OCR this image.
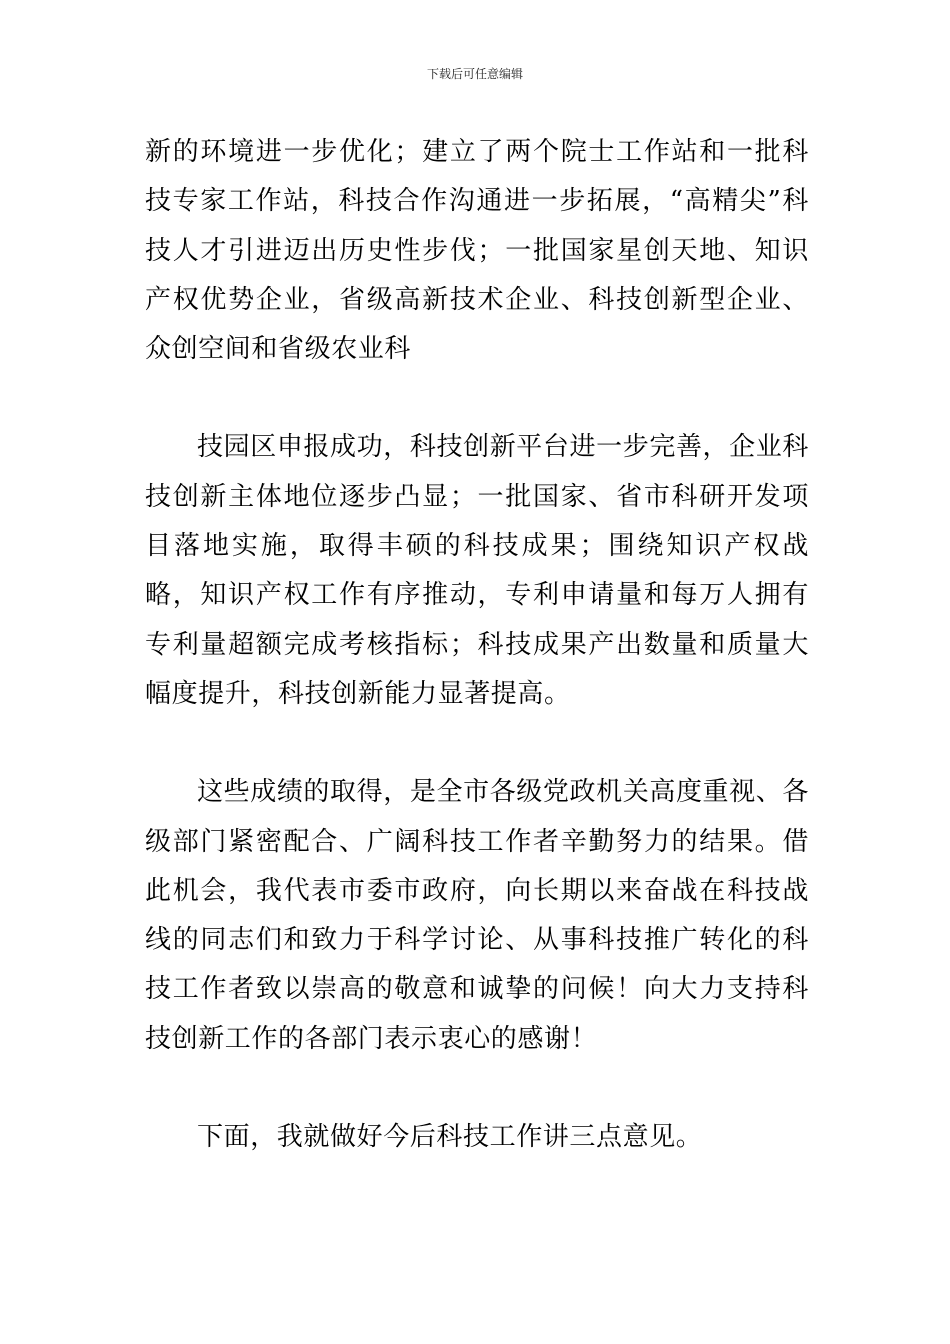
下载后可任意编辑

新的环境进一步优化；建立了两个院士工作站和一批科技专家工作站，科技合作沟通进一步拓展，“高精尖”科技人才引进迈出历史性步伐；一批国家星创天地、知识产权优势企业，省级高新技术企业、科技创新型企业、众创空间和省级农业科

技园区申报成功，科技创新平台进一步完善，企业科技创新主体地位逐步凸显；一批国家、省市科研开发项目落地实施，取得丰硕的科技成果；围绕知识产权战略，知识产权工作有序推动，专利申请量和每万人拥有专利量超额完成考核指标；科技成果产出数量和质量大幅度提升，科技创新能力显著提高。

这些成绩的取得，是全市各级党政机关高度重视、各级部门紧密配合、广阔科技工作者辛勤努力的结果。借此机会，我代表市委市政府，向长期以来奋战在科技战线的同志们和致力于科学讨论、从事科技推广转化的科技工作者致以崇高的敬意和诚挚的问候！向大力支持科技创新工作的各部门表示衷心的感谢！

下面，我就做好今后科技工作讲三点意见。
